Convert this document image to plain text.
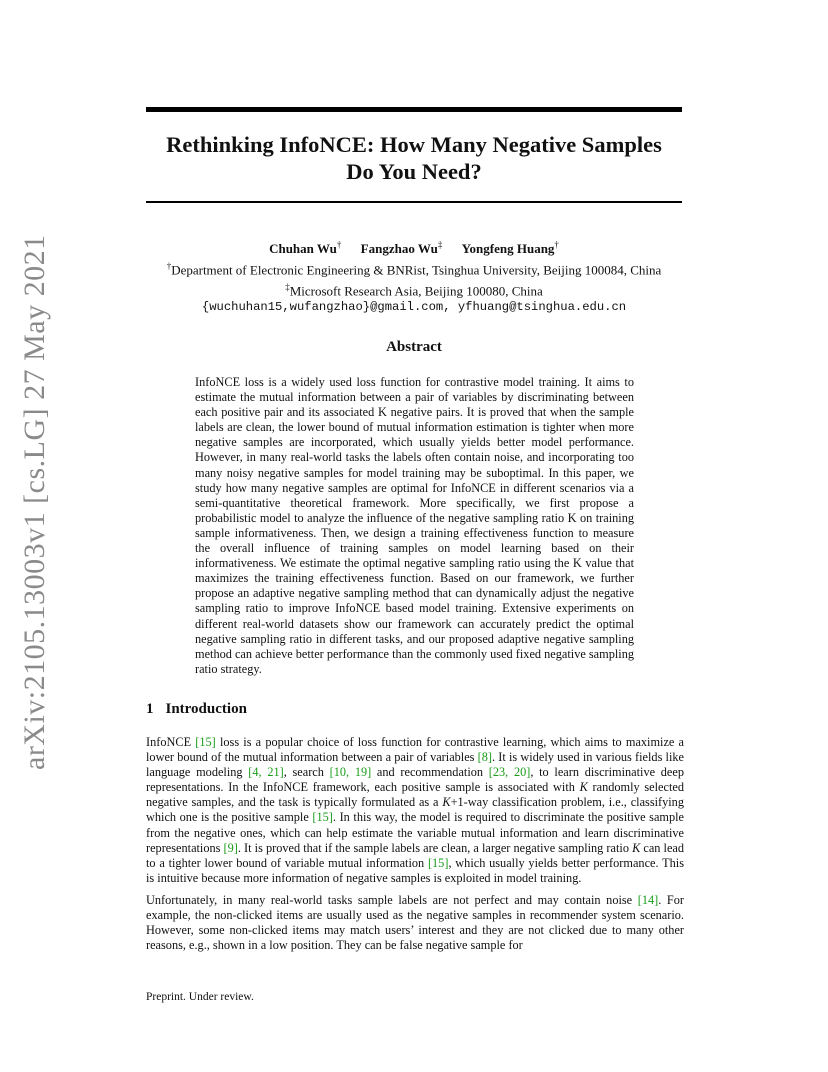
arXiv:2105.13003v1 [cs.LG] 27 May 2021
Rethinking InfoNCE: How Many Negative Samples
Do You Need?
Chuhan Wu† Fangzhao Wu‡ Yongfeng Huang†
†Department of Electronic Engineering & BNRist, Tsinghua University, Beijing 100084, China
‡Microsoft Research Asia, Beijing 100080, China
{wuchuhan15,wufangzhao}@gmail.com, yfhuang@tsinghua.edu.cn
Abstract

InfoNCE loss is a widely used loss function for contrastive model training. It aims to estimate the mutual information between a pair of variables by discriminating between each positive pair and its associated K negative pairs. It is proved that when the sample labels are clean, the lower bound of mutual information estimation is tighter when more negative samples are incorporated, which usually yields better model performance. However, in many real-world tasks the labels often contain noise, and incorporating too many noisy negative samples for model training may be suboptimal. In this paper, we study how many negative samples are optimal for InfoNCE in different scenarios via a semi-quantitative theoretical framework. More specifically, we first propose a probabilistic model to analyze the influence of the negative sampling ratio K on training sample informativeness. Then, we design a training effectiveness function to measure the overall influence of training samples on model learning based on their informativeness. We estimate the optimal negative sampling ratio using the K value that maximizes the training effectiveness function. Based on our framework, we further propose an adaptive negative sampling method that can dynamically adjust the negative sampling ratio to improve InfoNCE based model training. Extensive experiments on different real-world datasets show our framework can accurately predict the optimal negative sampling ratio in different tasks, and our proposed adaptive negative sampling method can achieve better performance than the commonly used fixed negative sampling ratio strategy.

1 Introduction

InfoNCE [15] loss is a popular choice of loss function for contrastive learning, which aims to maximize a lower bound of the mutual information between a pair of variables [8]. It is widely used in various fields like language modeling [4, 21], search [10, 19] and recommendation [23, 20], to learn discriminative deep representations. In the InfoNCE framework, each positive sample is associated with K randomly selected negative samples, and the task is typically formulated as a K+1-way classification problem, i.e., classifying which one is the positive sample [15]. In this way, the model is required to discriminate the positive sample from the negative ones, which can help estimate the variable mutual information and learn discriminative representations [9]. It is proved that if the sample labels are clean, a larger negative sampling ratio K can lead to a tighter lower bound of variable mutual information [15], which usually yields better performance. This is intuitive because more information of negative samples is exploited in model training.

Unfortunately, in many real-world tasks sample labels are not perfect and may contain noise [14]. For example, the non-clicked items are usually used as the negative samples in recommender system scenario. However, some non-clicked items may match users’ interest and they are not clicked due to many other reasons, e.g., shown in a low position. They can be false negative sample for

Preprint. Under review.
